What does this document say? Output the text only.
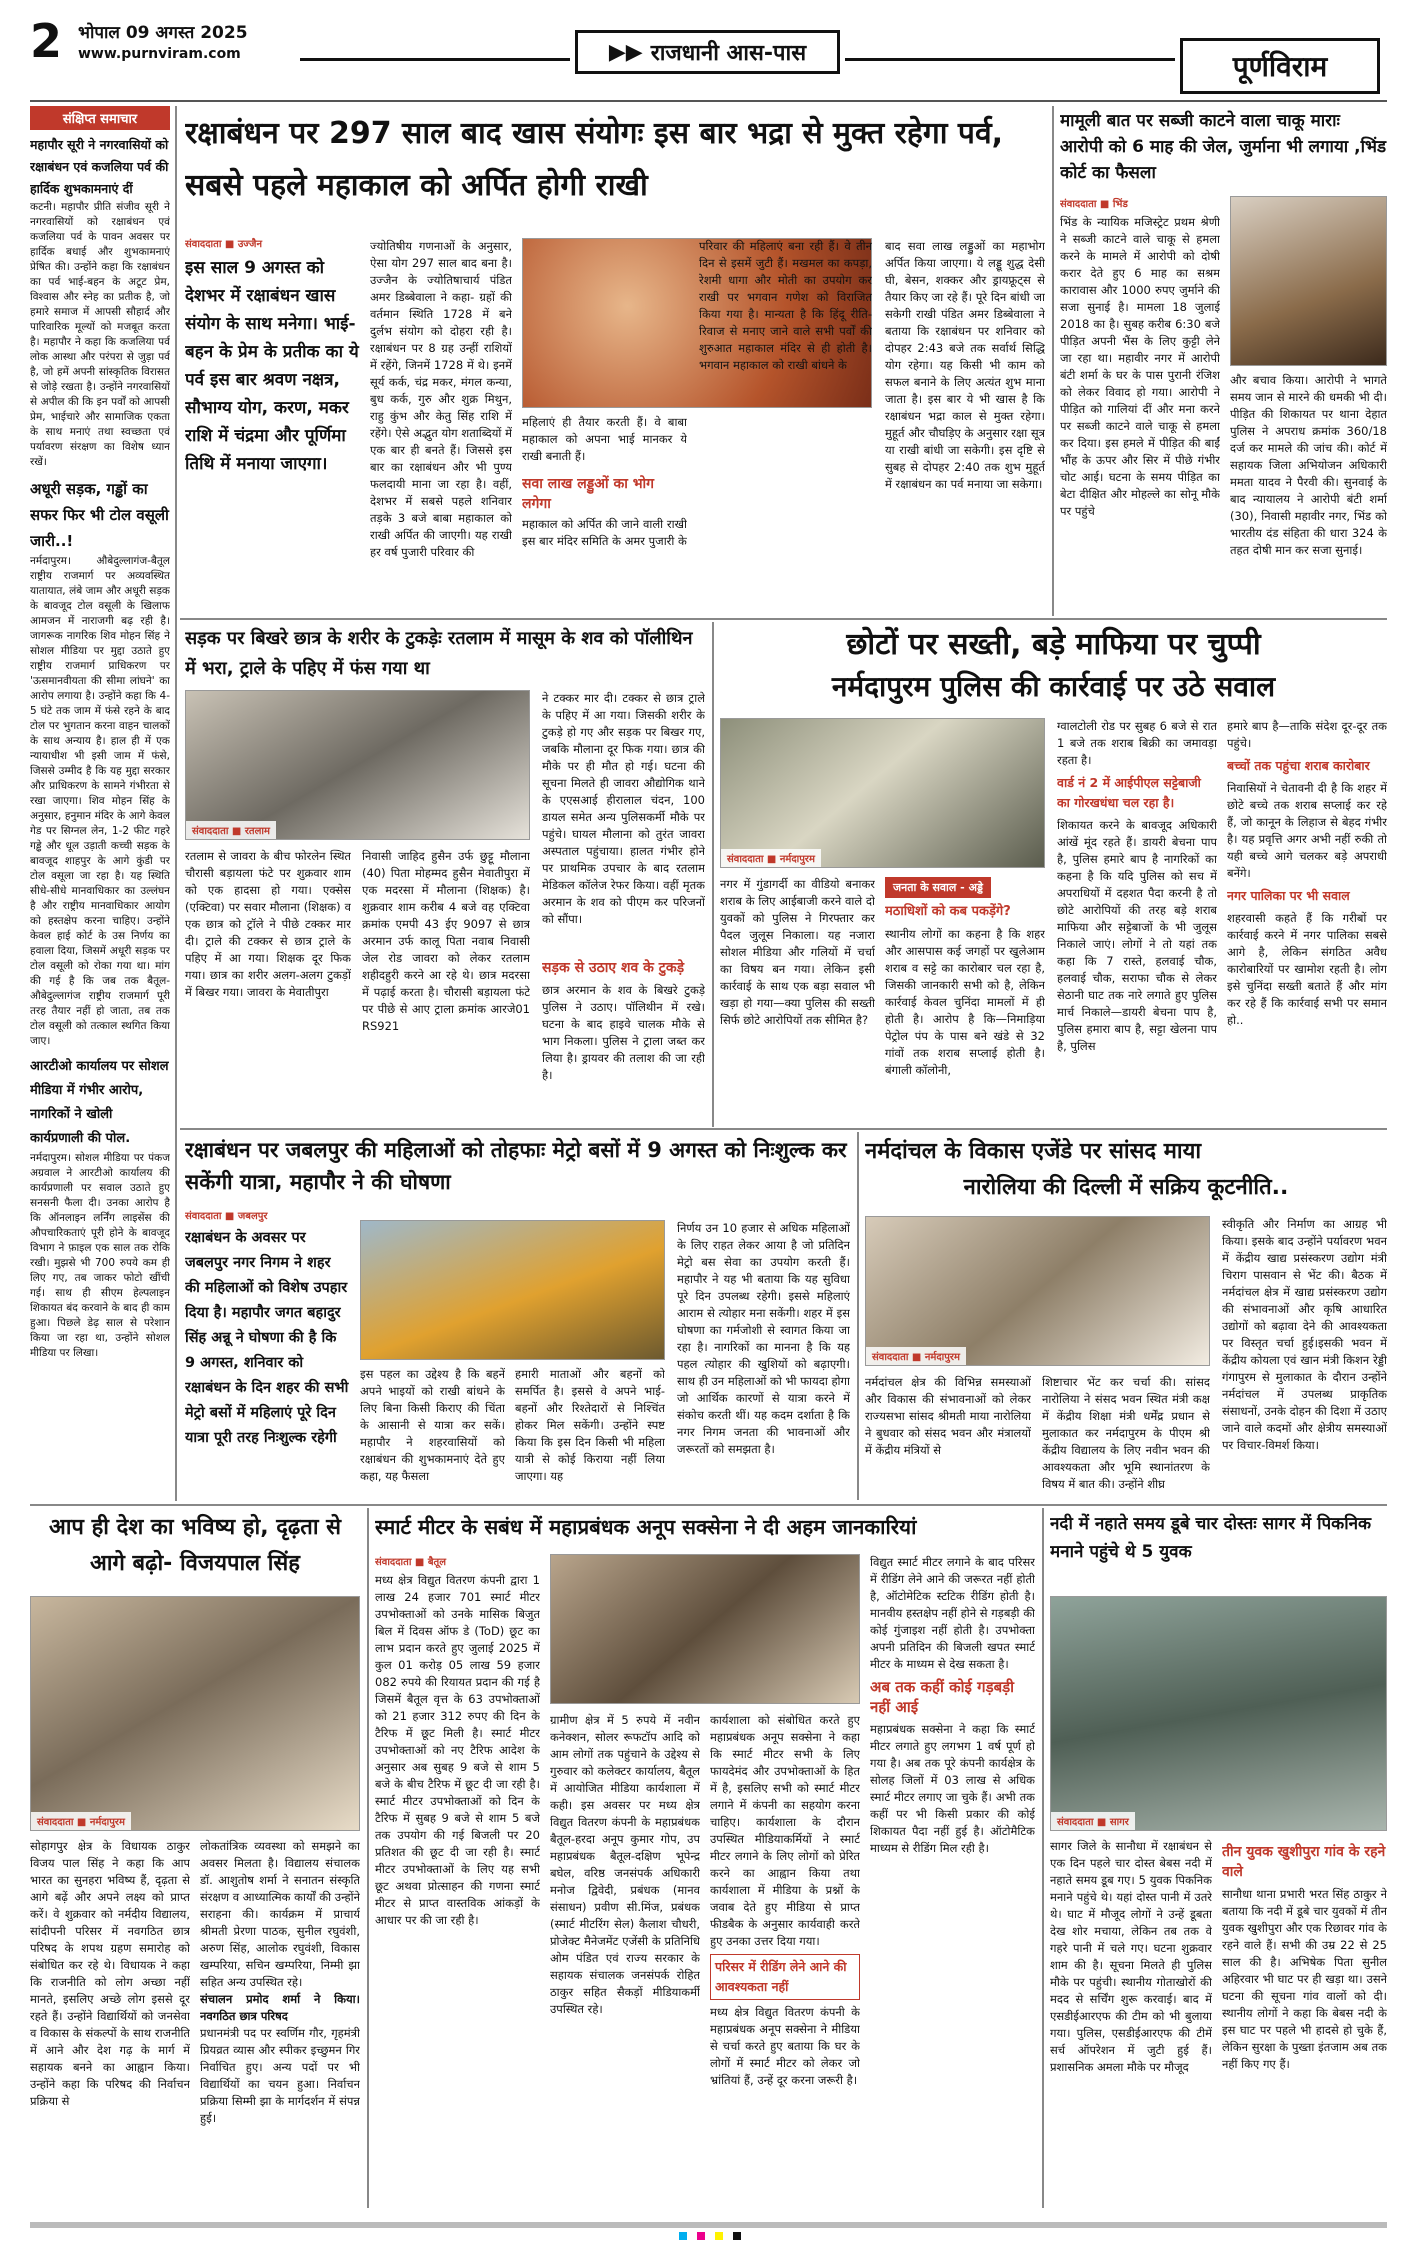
2 भोपाल 09 अगस्त 2025
www.purnviram.com	▶▶ राजधानी आस-पास	पूर्णविराम
संक्षिप्त समाचार
महापौर सूरी ने नगरवासियों को रक्षाबंधन एवं कजलिया पर्व की हार्दिक शुभकामनाएं दीं
कटनी। महापौर प्रीति संजीव सूरी ने नगरवासियों को रक्षाबंधन एवं कजलिया पर्व के पावन अवसर पर हार्दिक बधाई और शुभकामनाएं प्रेषित की। उन्होंने कहा कि रक्षाबंधन का पर्व भाई-बहन के अटूट प्रेम, विश्वास और स्नेह का प्रतीक है, जो हमारे समाज में आपसी सौहार्द और पारिवारिक मूल्यों को मजबूत करता है। महापौर ने कहा कि कजलिया पर्व लोक आस्था और परंपरा से जुड़ा पर्व है, जो हमें अपनी सांस्कृतिक विरासत से जोड़े रखता है। उन्होंने नगरवासियों से अपील की कि इन पर्वों को आपसी प्रेम, भाईचारे और सामाजिक एकता के साथ मनाएं तथा स्वच्छता एवं पर्यावरण संरक्षण का विशेष ध्यान रखें।
अधूरी सड़क, गड्ढों का सफर फिर भी टोल वसूली जारी..!
नर्मदापुरम। औबेदुल्लागंज-बैतूल राष्ट्रीय राजमार्ग पर अव्यवस्थित यातायात, लंबे जाम और अधूरी सड़क के बावजूद टोल वसूली के खिलाफ आमजन में नाराजगी बढ़ रही है। जागरूक नागरिक शिव मोहन सिंह ने सोशल मीडिया पर मुद्दा उठाते हुए राष्ट्रीय राजमार्ग प्राधिकरण पर 'ऊसमानवीयता की सीमा लांघने' का आरोप लगाया है। उन्होंने कहा कि 4-5 घंटे तक जाम में फंसे रहने के बाद टोल पर भुगतान करना वाहन चालकों के साथ अन्याय है। हाल ही में एक न्यायाधीश भी इसी जाम में फंसे, जिससे उम्मीद है कि यह मुद्दा सरकार और प्राधिकरण के सामने गंभीरता से रखा जाएगा। शिव मोहन सिंह के अनुसार, हनुमान मंदिर के आगे केवल गेड पर सिग्नल लेन, 1-2 फीट गहरे गड्ढे और धूल उड़ाती कच्ची सड़क के बावजूद शाहपुर के आगे कुंडी पर टोल वसूला जा रहा है। यह स्थिति सीधे-सीधे मानवाधिकार का उल्लंघन है और राष्ट्रीय मानवाधिकार आयोग को हस्तक्षेप करना चाहिए। उन्होंने केवल हाई कोर्ट के उस निर्णय का हवाला दिया, जिसमें अधूरी सड़क पर टोल वसूली को रोका गया था। मांग की गई है कि जब तक बैतूल-औबेदुल्लागंज राष्ट्रीय राजमार्ग पूरी तरह तैयार नहीं हो जाता, तब तक टोल वसूली को तत्काल स्थगित किया जाए।
आरटीओ कार्यालय पर सोशल मीडिया में गंभीर आरोप, नागरिकों ने खोली कार्यप्रणाली की पोल.
नर्मदापुरम। सोशल मीडिया पर पंकज अग्रवाल ने आरटीओ कार्यालय की कार्यप्रणाली पर सवाल उठाते हुए सनसनी फैला दी। उनका आरोप है कि ऑनलाइन लर्निंग लाइसेंस की औपचारिकताएं पूरी होने के बावजूद विभाग ने फ़ाइल एक साल तक रोकि रखी। मुझसे भी 700 रुपये कम ही लिए गए, तब जाकर फोटो खींची गई। साथ ही सीएम हेल्पलाइन शिकायत बंद करवाने के बाद ही काम हुआ। पिछले डेढ़ साल से परेशान किया जा रहा था, उन्होंने सोशल मीडिया पर लिखा।
रक्षाबंधन पर 297 साल बाद खास संयोगः इस बार भद्रा से मुक्त रहेगा पर्व, सबसे पहले महाकाल को अर्पित होगी राखी
संवाददाता ■ उज्जैन
इस साल 9 अगस्त को देशभर में रक्षाबंधन खास संयोग के साथ मनेगा। भाई-बहन के प्रेम के प्रतीक का ये पर्व इस बार श्रवण नक्षत्र, सौभाग्य योग, करण, मकर राशि में चंद्रमा और पूर्णिमा तिथि में मनाया जाएगा।
ज्योतिषीय गणनाओं के अनुसार, ऐसा योग 297 साल बाद बना है। उज्जैन के ज्योतिषाचार्य पंडित अमर डिब्बेवाला ने कहा- ग्रहों की वर्तमान स्थिति 1728 में बने दुर्लभ संयोग को दोहरा रही है। रक्षाबंधन पर 8 ग्रह उन्हीं राशियों में रहेंगे, जिनमें 1728 में थे। इनमें सूर्य कर्क, चंद्र मकर, मंगल कन्या, बुध कर्क, गुरु और शुक्र मिथुन, राहु कुंभ और केतु सिंह राशि में रहेंगे। ऐसे अद्भुत योग शताब्दियों में एक बार ही बनते हैं। जिससे इस बार का रक्षाबंधन और भी पुण्य फलदायी माना जा रहा है। वहीं, देशभर में सबसे पहले शनिवार तड़के 3 बजे बाबा महाकाल को राखी अर्पित की जाएगी। यह राखी हर वर्ष पुजारी परिवार की
महिलाएं ही तैयार करती हैं। वे बाबा महाकाल को अपना भाई मानकर ये राखी बनाती हैं।
सवा लाख लड्डुओं का भोग लगेगा
महाकाल को अर्पित की जाने वाली राखी इस बार मंदिर समिति के अमर पुजारी के
परिवार की महिलाएं बना रही हैं। वे तीन दिन से इसमें जुटी हैं। मखमल का कपड़ा, रेशमी धागा और मोती का उपयोग कर राखी पर भगवान गणेश को विराजित किया गया है। मान्यता है कि हिंदू रीति-रिवाज से मनाए जाने वाले सभी पर्वों की शुरुआत महाकाल मंदिर से ही होती है। भगवान महाकाल को राखी बांधने के
बाद सवा लाख लड्डुओं का महाभोग अर्पित किया जाएगा। ये लड्डू शुद्ध देसी घी, बेसन, शक्कर और ड्रायफ्रूट्स से तैयार किए जा रहे हैं। पूरे दिन बांधी जा सकेगी राखी पंडित अमर डिब्बेवाला ने बताया कि रक्षाबंधन पर शनिवार को दोपहर 2:43 बजे तक सर्वार्थ सिद्धि योग रहेगा। यह किसी भी काम को सफल बनाने के लिए अत्यंत शुभ माना जाता है। इस बार ये भी खास है कि रक्षाबंधन भद्रा काल से मुक्त रहेगा। मुहूर्त और चौघड़िए के अनुसार रक्षा सूत्र या राखी बांधी जा सकेगी। इस दृष्टि से सुबह से दोपहर 2:40 तक शुभ मुहूर्त में रक्षाबंधन का पर्व मनाया जा सकेगा।
मामूली बात पर सब्जी काटने वाला चाकू माराः आरोपी को 6 माह की जेल, जुर्माना भी लगाया ,भिंड कोर्ट का फैसला
संवाददाता ■ भिंड
भिंड के न्यायिक मजिस्ट्रेट प्रथम श्रेणी ने सब्जी काटने वाले चाकू से हमला करने के मामले में आरोपी को दोषी करार देते हुए 6 माह का सश्रम कारावास और 1000 रुपए जुर्माने की सजा सुनाई है। मामला 18 जुलाई 2018 का है। सुबह करीब 6:30 बजे पीड़ित अपनी भैंस के लिए कुट्टी लेने जा रहा था। महावीर नगर में आरोपी बंटी शर्मा के घर के पास पुरानी रंजिश को लेकर विवाद हो गया। आरोपी ने पीड़ित को गालियां दीं और मना करने पर सब्जी काटने वाले चाकू से हमला कर दिया। इस हमले में पीड़ित की बाईं भौंह के ऊपर और सिर में पीछे गंभीर चोट आई। घटना के समय पीड़ित का बेटा दीक्षित और मोहल्ले का सोनू मौके पर पहुंचे
और बचाव किया। आरोपी ने भागते समय जान से मारने की धमकी भी दी। पीड़ित की शिकायत पर थाना देहात पुलिस ने अपराध क्रमांक 360/18 दर्ज कर मामले की जांच की। कोर्ट में सहायक जिला अभियोजन अधिकारी ममता यादव ने पैरवी की। सुनवाई के बाद न्यायालय ने आरोपी बंटी शर्मा (30), निवासी महावीर नगर, भिंड को भारतीय दंड संहिता की धारा 324 के तहत दोषी मान कर सजा सुनाई।
सड़क पर बिखरे छात्र के शरीर के टुकड़ेः रतलाम में मासूम के शव को पॉलीथिन में भरा, ट्राले के पहिए में फंस गया था
संवाददाता ■ रतलाम
रतलाम से जावरा के बीच फोरलेन स्थित चौरासी बड़ायला फंटे पर शुक्रवार शाम को एक हादसा हो गया। एक्सेस (एक्टिवा) पर सवार मौलाना (शिक्षक) व एक छात्र को ट्रॉले ने पीछे टक्कर मार दी। ट्राले की टक्कर से छात्र ट्राले के पहिए में आ गया। शिक्षक दूर फिक गया। छात्र का शरीर अलग-अलग टुकड़ों में बिखर गया। जावरा के मेवातीपुरा
निवासी जाहिद हुसैन उर्फ छुट्टू मौलाना (40) पिता मोहम्मद हुसैन मेवातीपुरा में एक मदरसा में मौलाना (शिक्षक) है। शुक्रवार शाम करीब 4 बजे वह एक्टिवा क्रमांक एमपी 43 ईए 9097 से छात्र अरमान उर्फ कालू पिता नवाब निवासी जेल रोड जावरा को लेकर रतलाम शहीदहुरी करने आ रहे थे। छात्र मदरसा में पढ़ाई करता है। चौरासी बड़ायला फंटे पर पीछे से आए ट्राला क्रमांक आरजे01 RS921
ने टक्कर मार दी। टक्कर से छात्र ट्राले के पहिए में आ गया। जिसकी शरीर के टुकड़े हो गए और सड़क पर बिखर गए, जबकि मौलाना दूर फिक गया। छात्र की मौके पर ही मौत हो गई। घटना की सूचना मिलते ही जावरा औद्योगिक थाने के एएसआई हीरालाल चंदन, 100 डायल समेत अन्य पुलिसकर्मी मौके पर पहुंचे। घायल मौलाना को तुरंत जावरा अस्पताल पहुंचाया। हालत गंभीर होने पर प्राथमिक उपचार के बाद रतलाम मेडिकल कॉलेज रेफर किया। वहीं मृतक अरमान के शव को पीएम कर परिजनों को सौंपा।
सड़क से उठाए शव के टुकड़े
छात्र अरमान के शव के बिखरे टुकड़े पुलिस ने उठाए। पॉलिथीन में रखे। घटना के बाद हाइवे चालक मौके से भाग निकला। पुलिस ने ट्राला जब्त कर लिया है। ड्रायवर की तलाश की जा रही है।
छोटों पर सख्ती, बड़े माफिया पर चुप्पी
नर्मदापुरम पुलिस की कार्रवाई पर उठे सवाल
संवाददाता ■ नर्मदापुरम
नगर में गुंडागर्दी का वीडियो बनाकर शराब के लिए आईबाजी करने वाले दो युवकों को पुलिस ने गिरफ्तार कर पैदल जुलूस निकाला। यह नजारा सोशल मीडिया और गलियों में चर्चा का विषय बन गया। लेकिन इसी कार्रवाई के साथ एक बड़ा सवाल भी खड़ा हो गया—क्या पुलिस की सख्ती सिर्फ छोटे आरोपियों तक सीमित है?
जनता के सवाल - अड्डे
मठाधिशों को कब पकड़ेंगे?
स्थानीय लोगों का कहना है कि शहर और आसपास कई जगहों पर खुलेआम शराब व सट्टे का कारोबार चल रहा है, जिसकी जानकारी सभी को है, लेकिन कार्रवाई केवल चुनिंदा मामलों में ही होती है। आरोप है कि—निमाड़िया पेट्रोल पंप के पास बने खंडे से 32 गांवों तक शराब सप्लाई होती है। बंगाली कॉलोनी,
ग्वालटोली रोड पर सुबह 6 बजे से रात 1 बजे तक शराब बिक्री का जमावड़ा रहता है।
वार्ड नं 2 में आईपीएल सट्टेबाजी का गोरखधंधा चल रहा है।
शिकायत करने के बावजूद अधिकारी आंखें मूंद रहते हैं। डायरी बेचना पाप है, पुलिस हमारे बाप है नागरिकों का कहना है कि यदि पुलिस को सच में अपराधियों में दहशत पैदा करनी है तो छोटे आरोपियों की तरह बड़े शराब माफिया और सट्टेबाजों के भी जुलूस निकाले जाएं। लोगों ने तो यहां तक कहा कि 7 रास्ते, हलवाई चौक, हलवाई चौक, सराफा चौक से लेकर सेठानी घाट तक नारे लगाते हुए पुलिस मार्च निकाले—डायरी बेचना पाप है, पुलिस हमारा बाप है, सट्टा खेलना पाप है, पुलिस
हमारे बाप है—ताकि संदेश दूर-दूर तक पहुंचे।
बच्चों तक पहुंचा शराब कारोबार
निवासियों ने चेतावनी दी है कि शहर में छोटे बच्चे तक शराब सप्लाई कर रहे हैं, जो कानून के लिहाज से बेहद गंभीर है। यह प्रवृत्ति अगर अभी नहीं रुकी तो यही बच्चे आगे चलकर बड़े अपराधी बनेंगे।
नगर पालिका पर भी सवाल
शहरवासी कहते हैं कि गरीबों पर कार्रवाई करने में नगर पालिका सबसे आगे है, लेकिन संगठित अवैध कारोबारियों पर खामोश रहती है। लोग इसे चुनिंदा सख्ती बताते हैं और मांग कर रहे हैं कि कार्रवाई सभी पर समान हो..
रक्षाबंधन पर जबलपुर की महिलाओं को तोहफाः मेट्रो बसों में 9 अगस्त को निःशुल्क कर सकेंगी यात्रा, महापौर ने की घोषणा
संवाददाता ■ जबलपुर
रक्षाबंधन के अवसर पर जबलपुर नगर निगम ने शहर की महिलाओं को विशेष उपहार दिया है। महापौर जगत बहादुर सिंह अन्नू ने घोषणा की है कि 9 अगस्त, शनिवार को रक्षाबंधन के दिन शहर की सभी मेट्रो बसों में महिलाएं पूरे दिन यात्रा पूरी तरह निःशुल्क रहेगी
इस पहल का उद्देश्य है कि बहनें अपने भाइयों को राखी बांधने के लिए बिना किसी किराए की चिंता के आसानी से यात्रा कर सकें। महापौर ने शहरवासियों को रक्षाबंधन की शुभकामनाएं देते हुए कहा, यह फैसला
हमारी माताओं और बहनों को समर्पित है। इससे वे अपने भाई-बहनों और रिश्तेदारों से निश्चिंत होकर मिल सकेंगी। उन्होंने स्पष्ट किया कि इस दिन किसी भी महिला यात्री से कोई किराया नहीं लिया जाएगा। यह
निर्णय उन 10 हजार से अधिक महिलाओं के लिए राहत लेकर आया है जो प्रतिदिन मेट्रो बस सेवा का उपयोग करती हैं। महापौर ने यह भी बताया कि यह सुविधा पूरे दिन उपलब्ध रहेगी। इससे महिलाएं आराम से त्योहार मना सकेंगी। शहर में इस घोषणा का गर्मजोशी से स्वागत किया जा रहा है। नागरिकों का मानना है कि यह पहल त्योहार की खुशियों को बढ़ाएगी। साथ ही उन महिलाओं को भी फायदा होगा जो आर्थिक कारणों से यात्रा करने में संकोच करती थीं। यह कदम दर्शाता है कि नगर निगम जनता की भावनाओं और जरूरतों को समझता है।
नर्मदांचल के विकास एजेंडे पर सांसद माया
नारोलिया की दिल्ली में सक्रिय कूटनीति..
संवाददाता ■ नर्मदापुरम
नर्मदांचल क्षेत्र की विभिन्न समस्याओं और विकास की संभावनाओं को लेकर राज्यसभा सांसद श्रीमती माया नारोलिया ने बुधवार को संसद भवन और मंत्रालयों में केंद्रीय मंत्रियों से
शिष्टाचार भेंट कर चर्चा की। सांसद नारोलिया ने संसद भवन स्थित मंत्री कक्ष में केंद्रीय शिक्षा मंत्री धर्मेंद्र प्रधान से मुलाकात कर नर्मदापुरम के पीएम श्री केंद्रीय विद्यालय के लिए नवीन भवन की आवश्यकता और भूमि स्थानांतरण के विषय में बात की। उन्होंने शीघ्र
स्वीकृति और निर्माण का आग्रह भी किया। इसके बाद उन्होंने पर्यावरण भवन में केंद्रीय खाद्य प्रसंस्करण उद्योग मंत्री चिराग पासवान से भेंट की। बैठक में नर्मदांचल क्षेत्र में खाद्य प्रसंस्करण उद्योग की संभावनाओं और कृषि आधारित उद्योगों को बढ़ावा देने की आवश्यकता पर विस्तृत चर्चा हुई।इसकी भवन में केंद्रीय कोयला एवं खान मंत्री किशन रेड्डी गंगापुरम से मुलाकात के दौरान उन्होंने नर्मदांचल में उपलब्ध प्राकृतिक संसाधनों, उनके दोहन की दिशा में उठाए जाने वाले कदमों और क्षेत्रीय समस्याओं पर विचार-विमर्श किया।
आप ही देश का भविष्य हो, दृढ़ता से आगे बढ़ो- विजयपाल सिंह
संवाददाता ■ नर्मदापुरम
सोहागपुर क्षेत्र के विधायक ठाकुर विजय पाल सिंह ने कहा कि आप भारत का सुनहरा भविष्य हैं, दृढ़ता से आगे बढ़ें और अपने लक्ष्य को प्राप्त करें। वे शुक्रवार को नर्मदीय विद्यालय, सांदीपनी परिसर में नवगठित छात्र परिषद के शपथ ग्रहण समारोह को संबोधित कर रहे थे। विधायक ने कहा कि राजनीति को लोग अच्छा नहीं मानते, इसलिए अच्छे लोग इससे दूर रहते हैं। उन्होंने विद्यार्थियों को जनसेवा व विकास के संकल्पों के साथ राजनीति में आने और देश गढ़ के मार्ग में सहायक बनने का आह्वान किया। उन्होंने कहा कि परिषद की निर्वाचन प्रक्रिया से
लोकतांत्रिक व्यवस्था को समझने का अवसर मिलता है। विद्यालय संचालक डॉ. आशुतोष शर्मा ने सनातन संस्कृति संरक्षण व आध्यात्मिक कार्यों की उन्होंने सराहना की। कार्यक्रम में प्राचार्य श्रीमती प्रेरणा पाठक, सुनील रघुवंशी, अरुण सिंह, आलोक रघुवंशी, विकास खम्परिया, सचिन खम्परिया, निम्मी झा सहित अन्य उपस्थित रहे।
संचालन प्रमोद शर्मा ने किया। नवगठित छात्र परिषद
प्रधानमंत्री पद पर स्वर्णिम गौर, गृहमंत्री प्रियव्रत व्यास और स्पीकर इच्छुमन गिर निर्वाचित हुए। अन्य पदों पर भी विद्यार्थियों का चयन हुआ। निर्वाचन प्रक्रिया सिम्मी झा के मार्गदर्शन में संपन्न हुई।
स्मार्ट मीटर के सबंध में महाप्रबंधक अनूप सक्सेना ने दी अहम जानकारियां
संवाददाता ■ बैतूल
मध्य क्षेत्र विद्युत वितरण कंपनी द्वारा 1 लाख 24 हजार 701 स्मार्ट मीटर उपभोक्ताओं को उनके मासिक बिजुत बिल में दिवस ऑफ डे (ToD) छूट का लाभ प्रदान करते हुए जुलाई 2025 में कुल 01 करोड़ 05 लाख 59 हजार 082 रुपये की रियायत प्रदान की गई है जिसमें बैतूल वृत्त के 63 उपभोक्ताओं को 21 हजार 312 रुपए की दिन के टैरिफ में छूट मिली है। स्मार्ट मीटर उपभोक्ताओं को नए टैरिफ आदेश के अनुसार अब सुबह 9 बजे से शाम 5 बजे के बीच टैरिफ में छूट दी जा रही है। स्मार्ट मीटर उपभोक्ताओं को दिन के टैरिफ में सुबह 9 बजे से शाम 5 बजे तक उपयोग की गई बिजली पर 20 प्रतिशत की छूट दी जा रही है। स्मार्ट मीटर उपभोक्ताओं के लिए यह सभी छूट अथवा प्रोत्साहन की गणना स्मार्ट मीटर से प्राप्त वास्तविक आंकड़ों के आधार पर की जा रही है।
ग्रामीण क्षेत्र में 5 रुपये में नवीन कनेक्शन, सोलर रूफटॉप आदि को आम लोगों तक पहुंचाने के उद्देश्य से गुरुवार को कलेक्टर कार्यालय, बैतूल में आयोजित मीडिया कार्यशाला में कही। इस अवसर पर मध्य क्षेत्र विद्युत वितरण कंपनी के महाप्रबंधक बैतूल-हरदा अनूप कुमार गोप, उप महाप्रबंधक बैतूल-दक्षिण भूपेन्द्र बघेल, वरिष्ठ जनसंपर्क अधिकारी मनोज द्विवेदी, प्रबंधक (मानव संसाधन) प्रवीण सी.मिंज, प्रबंधक (स्मार्ट मीटरिंग सेल) कैलाश चौधरी, प्रोजेक्ट मैनेजमेंट एजेंसी के प्रतिनिधि ओम पंडित एवं राज्य सरकार के सहायक संचालक जनसंपर्क रोहित ठाकुर सहित सैकड़ों मीडियाकर्मी उपस्थित रहे।
कार्यशाला को संबोधित करते हुए महाप्रबंधक अनूप सक्सेना ने कहा कि स्मार्ट मीटर सभी के लिए फायदेमंद और उपभोक्ताओं के हित में है, इसलिए सभी को स्मार्ट मीटर लगाने में कंपनी का सहयोग करना चाहिए। कार्यशाला के दौरान उपस्थित मीडियाकर्मियों ने स्मार्ट मीटर लगाने के लिए लोगों को प्रेरित करने का आह्वान किया तथा कार्यशाला में मीडिया के प्रश्नों के जवाब देते हुए मीडिया से प्राप्त फीडबैक के अनुसार कार्यवाही करते हुए उनका उत्तर दिया गया।
परिसर में रीडिंग लेने आने की आवश्यकता नहीं
मध्य क्षेत्र विद्युत वितरण कंपनी के महाप्रबंधक अनूप सक्सेना ने मीडिया से चर्चा करते हुए बताया कि घर के लोगों में स्मार्ट मीटर को लेकर जो भ्रांतियां हैं, उन्हें दूर करना जरूरी है।
विद्युत स्मार्ट मीटर लगाने के बाद परिसर में रीडिंग लेने आने की जरूरत नहीं होती है, ऑटोमेटिक स्टटिक रीडिंग होती है। मानवीय हस्तक्षेप नहीं होने से गड़बड़ी की कोई गुंजाइश नहीं होती है। उपभोक्ता अपनी प्रतिदिन की बिजली खपत स्मार्ट मीटर के माध्यम से देख सकता है।
अब तक कहीं कोई गड़बड़ी नहीं आई
महाप्रबंधक सक्सेना ने कहा कि स्मार्ट मीटर लगाते हुए लगभग 1 वर्ष पूर्ण हो गया है। अब तक पूरे कंपनी कार्यक्षेत्र के सोलह जिलों में 03 लाख से अधिक स्मार्ट मीटर लगाए जा चुके हैं। अभी तक कहीं पर भी किसी प्रकार की कोई शिकायत पैदा नहीं हुई है। ऑटोमैटिक माध्यम से रीडिंग मिल रही है।
नदी में नहाते समय डूबे चार दोस्तः सागर में पिकनिक मनाने पहुंचे थे 5 युवक
संवाददाता ■ सागर
सागर जिले के सानौधा में रक्षाबंधन से एक दिन पहले चार दोस्त बेबस नदी में नहाते समय डूब गए। 5 युवक पिकनिक मनाने पहुंचे थे। यहां दोस्त पानी में उतरे थे। घाट में मौजूद लोगों ने उन्हें डूबता देख शोर मचाया, लेकिन तब तक वे गहरे पानी में चले गए। घटना शुक्रवार शाम की है। सूचना मिलते ही पुलिस मौके पर पहुंची। स्थानीय गोताखोरों की मदद से सर्चिंग शुरू करवाई। बाद में एसडीईआरएफ की टीम को भी बुलाया गया। पुलिस, एसडीईआरएफ की टीमें सर्च ऑपरेशन में जुटी हुई हैं। प्रशासनिक अमला मौके पर मौजूद
तीन युवक खुशीपुरा गांव के रहने वाले
सानौधा थाना प्रभारी भरत सिंह ठाकुर ने बताया कि नदी में डूबे चार युवकों में तीन युवक खुशीपुरा और एक रिछावर गांव के रहने वाले हैं। सभी की उम्र 22 से 25 साल की है। अभिषेक पिता सुनील अहिरवार भी घाट पर ही खड़ा था। उसने घटना की सूचना गांव वालों को दी। स्थानीय लोगों ने कहा कि बेबस नदी के इस घाट पर पहले भी हादसे हो चुके हैं, लेकिन सुरक्षा के पुख्ता इंतजाम अब तक नहीं किए गए हैं।
